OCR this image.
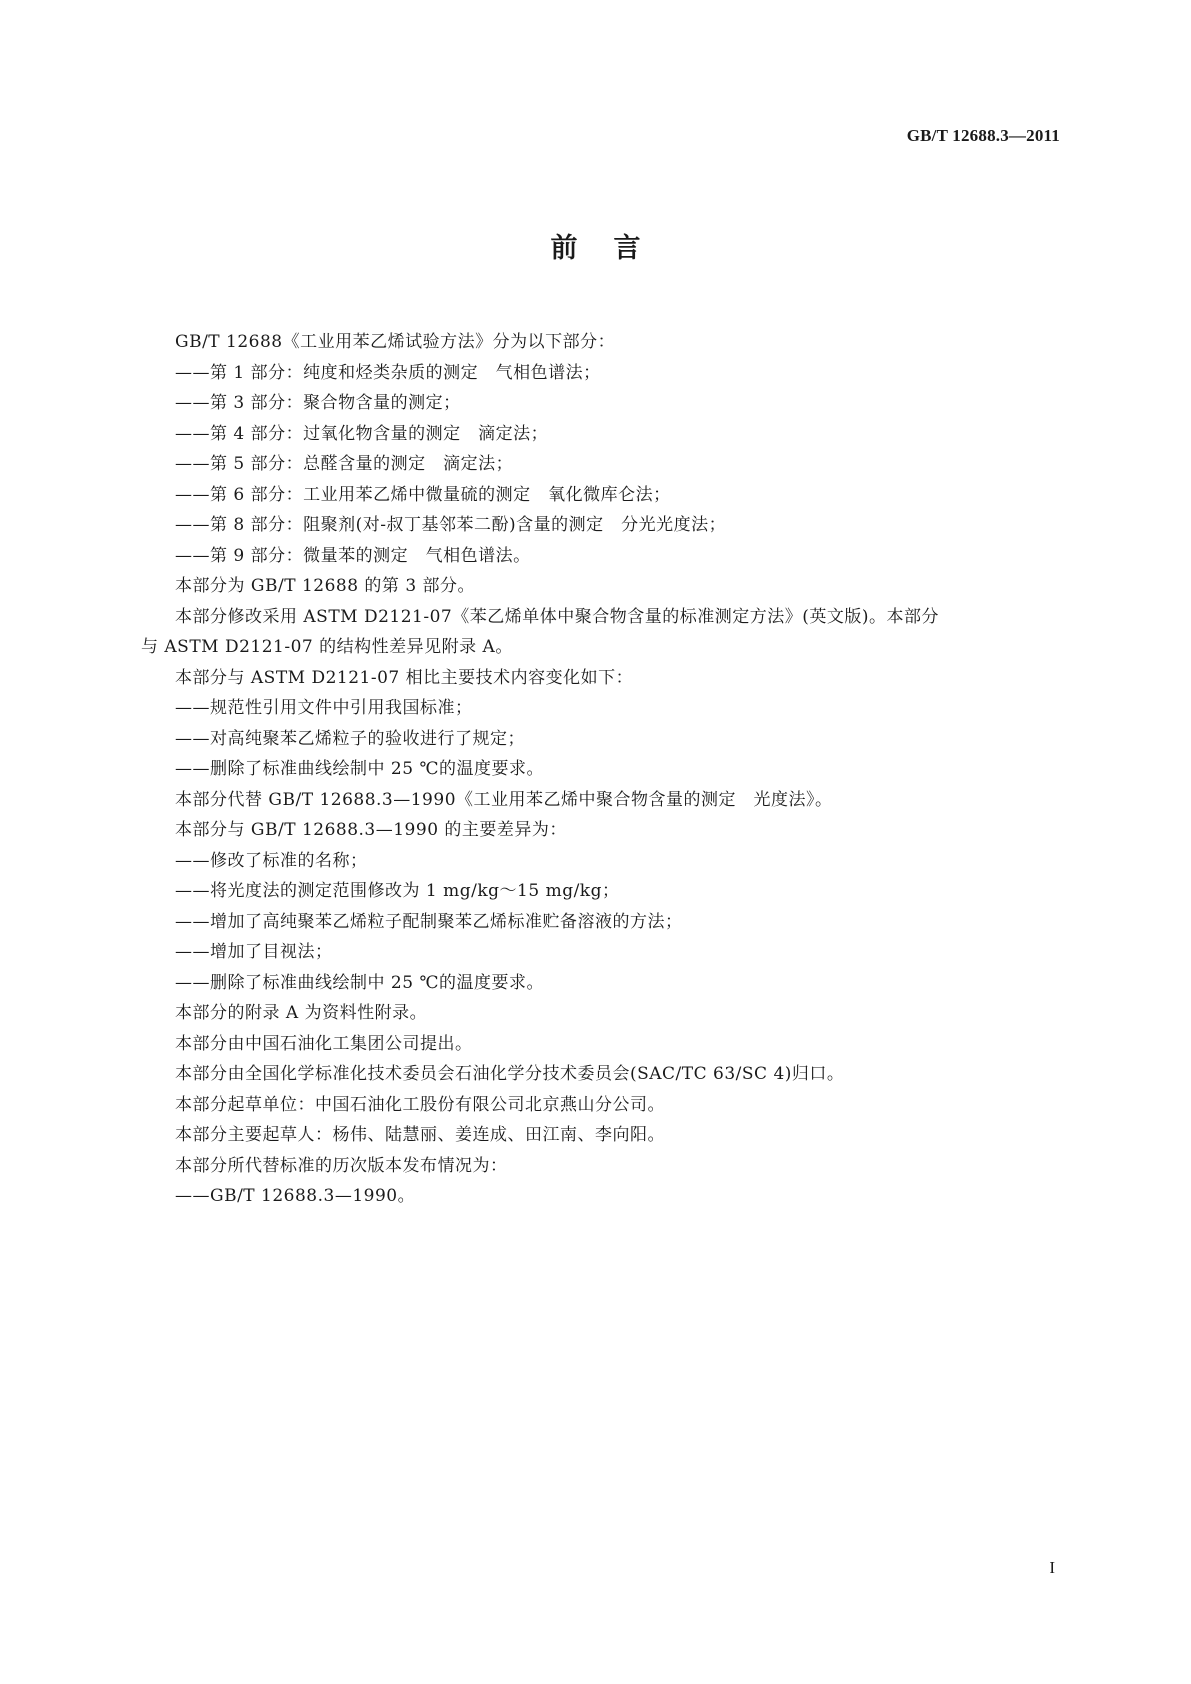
GB/T 12688.3—2011
前言
GB/T 12688《工业用苯乙烯试验方法》分为以下部分：
——第 1 部分：纯度和烃类杂质的测定　气相色谱法；
——第 3 部分：聚合物含量的测定；
——第 4 部分：过氧化物含量的测定　滴定法；
——第 5 部分：总醛含量的测定　滴定法；
——第 6 部分：工业用苯乙烯中微量硫的测定　氧化微库仑法；
——第 8 部分：阻聚剂(对-叔丁基邻苯二酚)含量的测定　分光光度法；
——第 9 部分：微量苯的测定　气相色谱法。
本部分为 GB/T 12688 的第 3 部分。
本部分修改采用 ASTM D2121-07《苯乙烯单体中聚合物含量的标准测定方法》(英文版)。本部分
与 ASTM D2121-07 的结构性差异见附录 A。
本部分与 ASTM D2121-07 相比主要技术内容变化如下：
——规范性引用文件中引用我国标准；
——对高纯聚苯乙烯粒子的验收进行了规定；
——删除了标准曲线绘制中 25 ℃的温度要求。
本部分代替 GB/T 12688.3—1990《工业用苯乙烯中聚合物含量的测定　光度法》。
本部分与 GB/T 12688.3—1990 的主要差异为：
——修改了标准的名称；
——将光度法的测定范围修改为 1 mg/kg～15 mg/kg；
——增加了高纯聚苯乙烯粒子配制聚苯乙烯标准贮备溶液的方法；
——增加了目视法；
——删除了标准曲线绘制中 25 ℃的温度要求。
本部分的附录 A 为资料性附录。
本部分由中国石油化工集团公司提出。
本部分由全国化学标准化技术委员会石油化学分技术委员会(SAC/TC 63/SC 4)归口。
本部分起草单位：中国石油化工股份有限公司北京燕山分公司。
本部分主要起草人：杨伟、陆慧丽、姜连成、田江南、李向阳。
本部分所代替标准的历次版本发布情况为：
——GB/T 12688.3—1990。
I
